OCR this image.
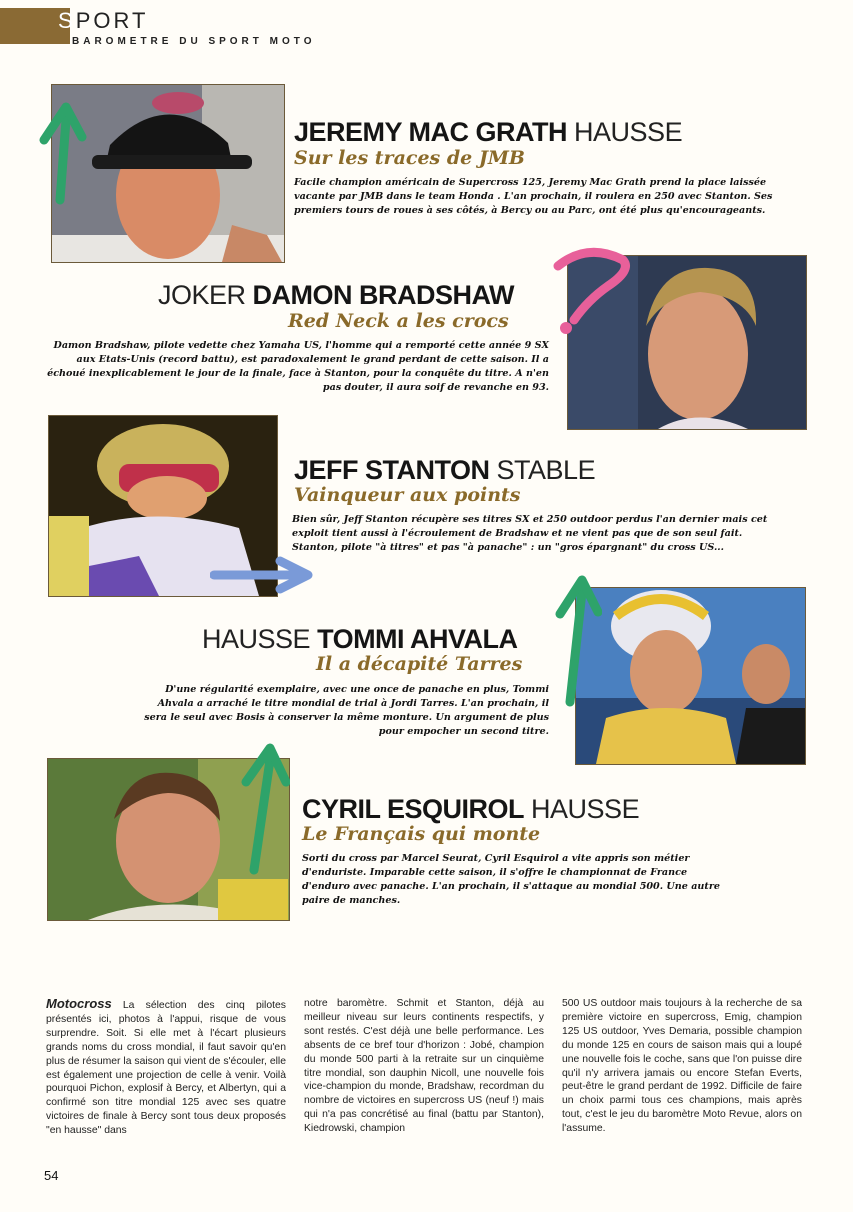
SPORT
BAROMETRE DU SPORT MOTO
JEREMY MAC GRATH HAUSSE
Sur les traces de JMB
Facile champion américain de Supercross 125, Jeremy Mac Grath prend la place laissée vacante par JMB dans le team Honda . L'an prochain, il roulera en 250 avec Stanton. Ses premiers tours de roues à ses côtés, à Bercy ou au Parc, ont été plus qu'encourageants.
JOKER DAMON BRADSHAW
Red Neck a les crocs
Damon Bradshaw, pilote vedette chez Yamaha US, l'homme qui a remporté cette année 9 SX aux Etats-Unis (record battu), est paradoxalement le grand perdant de cette saison. Il a échoué inexplicablement le jour de la finale, face à Stanton, pour la conquête du titre. A n'en pas douter, il aura soif de revanche en 93.
JEFF STANTON STABLE
Vainqueur aux points
Bien sûr, Jeff Stanton récupère ses titres SX et 250 outdoor perdus l'an dernier mais cet exploit tient aussi à l'écroulement de Bradshaw et ne vient pas que de son seul fait. Stanton, pilote "à titres" et pas "à panache" : un "gros épargnant" du cross US...
HAUSSE TOMMI AHVALA
Il a décapité Tarres
D'une régularité exemplaire, avec une once de panache en plus, Tommi Ahvala a arraché le titre mondial de trial à Jordi Tarres. L'an prochain, il sera le seul avec Bosis à conserver la même monture. Un argument de plus pour empocher un second titre.
CYRIL ESQUIROL HAUSSE
Le Français qui monte
Sorti du cross par Marcel Seurat, Cyril Esquirol a vite appris son métier d'enduriste. Imparable cette saison, il s'offre le championnat de France d'enduro avec panache. L'an prochain, il s'attaque au mondial 500. Une autre paire de manches.
Motocross La sélection des cinq pilotes présentés ici, photos à l'appui, risque de vous surprendre. Soit. Si elle met à l'écart plusieurs grands noms du cross mondial, il faut savoir qu'en plus de résumer la saison qui vient de s'écouler, elle est également une projection de celle à venir. Voilà pourquoi Pichon, explosif à Bercy, et Albertyn, qui a confirmé son titre mondial 125 avec ses quatre victoires de finale à Bercy sont tous deux proposés "en hausse" dans
notre baromètre. Schmit et Stanton, déjà au meilleur niveau sur leurs continents respectifs, y sont restés. C'est déjà une belle performance. Les absents de ce bref tour d'horizon : Jobé, champion du monde 500 parti à la retraite sur un cinquième titre mondial, son dauphin Nicoll, une nouvelle fois vice-champion du monde, Bradshaw, recordman du nombre de victoires en supercross US (neuf !) mais qui n'a pas concrétisé au final (battu par Stanton), Kiedrowski, champion
500 US outdoor mais toujours à la recherche de sa première victoire en supercross, Emig, champion 125 US outdoor, Yves Demaria, possible champion du monde 125 en cours de saison mais qui a loupé une nouvelle fois le coche, sans que l'on puisse dire qu'il n'y arrivera jamais ou encore Stefan Everts, peut-être le grand perdant de 1992. Difficile de faire un choix parmi tous ces champions, mais après tout, c'est le jeu du baromètre Moto Revue, alors on l'assume.
54
